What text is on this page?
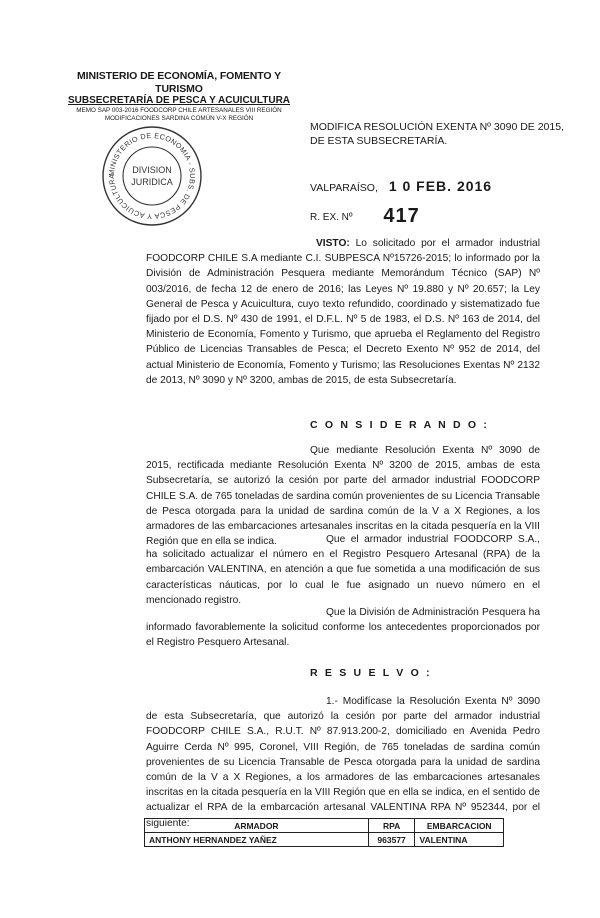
MINISTERIO DE ECONOMÍA, FOMENTO Y TURISMO
SUBSECRETARÍA DE PESCA Y ACUICULTURA
MEMO SAP 003-2016 FOODCORP CHILE ARTESANALES VIII REGIÓN
MODIFICACIONES SARDINA COMÚN V-X REGIÓN
MINISTERIO DE ECONOMIA - SUBS. DE PESCA Y ACUICULTURA
DIVISION
JURIDICA
MODIFICA RESOLUCIÓN EXENTA Nº 3090 DE 2015, DE ESTA SUBSECRETARÍA.
VALPARAÍSO, 1 0 FEB. 2016
R. EX. Nº 417
VISTO: Lo solicitado por el armador industrial FOODCORP CHILE S.A mediante C.I. SUBPESCA Nº15726-2015; lo informado por la División de Administración Pesquera mediante Memorándum Técnico (SAP) Nº 003/2016, de fecha 12 de enero de 2016; las Leyes Nº 19.880 y Nº 20.657; la Ley General de Pesca y Acuicultura, cuyo texto refundido, coordinado y sistematizado fue fijado por el D.S. Nº 430 de 1991, el D.F.L. Nº 5 de 1983, el D.S. Nº 163 de 2014, del Ministerio de Economía, Fomento y Turismo, que aprueba el Reglamento del Registro Público de Licencias Transables de Pesca; el Decreto Exento Nº 952 de 2014, del actual Ministerio de Economía, Fomento y Turismo; las Resoluciones Exentas Nº 2132 de 2013, Nº 3090 y Nº 3200, ambas de 2015, de esta Subsecretaría.
C O N S I D E R A N D O :
Que mediante Resolución Exenta Nº 3090 de 2015, rectificada mediante Resolución Exenta Nº 3200 de 2015, ambas de esta Subsecretaría, se autorizó la cesión por parte del armador industrial FOODCORP CHILE S.A. de 765 toneladas de sardina común provenientes de su Licencia Transable de Pesca otorgada para la unidad de sardina común de la V a X Regiones, a los armadores de las embarcaciones artesanales inscritas en la citada pesquería en la VIII Región que en ella se indica.	Que el armador industrial FOODCORP S.A., ha solicitado actualizar el número en el Registro Pesquero Artesanal (RPA) de la embarcación VALENTINA, en atención a que fue sometida a una modificación de sus características náuticas, por lo cual le fue asignado un nuevo número en el mencionado registro.
Que la División de Administración Pesquera ha informado favorablemente la solicitud conforme los antecedentes proporcionados por el Registro Pesquero Artesanal.
R E S U E L V O :
1.- Modifícase la Resolución Exenta Nº 3090 de esta Subsecretaría, que autorizó la cesión por parte del armador industrial FOODCORP CHILE S.A., R.U.T. Nº 87.913.200-2, domiciliado en Avenida Pedro Aguirre Cerda Nº 995, Coronel, VIII Región, de 765 toneladas de sardina común provenientes de su Licencia Transable de Pesca otorgada para la unidad de sardina común de la V a X Regiones, a los armadores de las embarcaciones artesanales inscritas en la citada pesquería en la VIII Región que en ella se indica, en el sentido de actualizar el RPA de la embarcación artesanal VALENTINA RPA Nº 952344, por el siguiente:	ARMADOR	RPA	EMBARCACION
ANTHONY HERNANDEZ YAÑEZ	963577	VALENTINA
